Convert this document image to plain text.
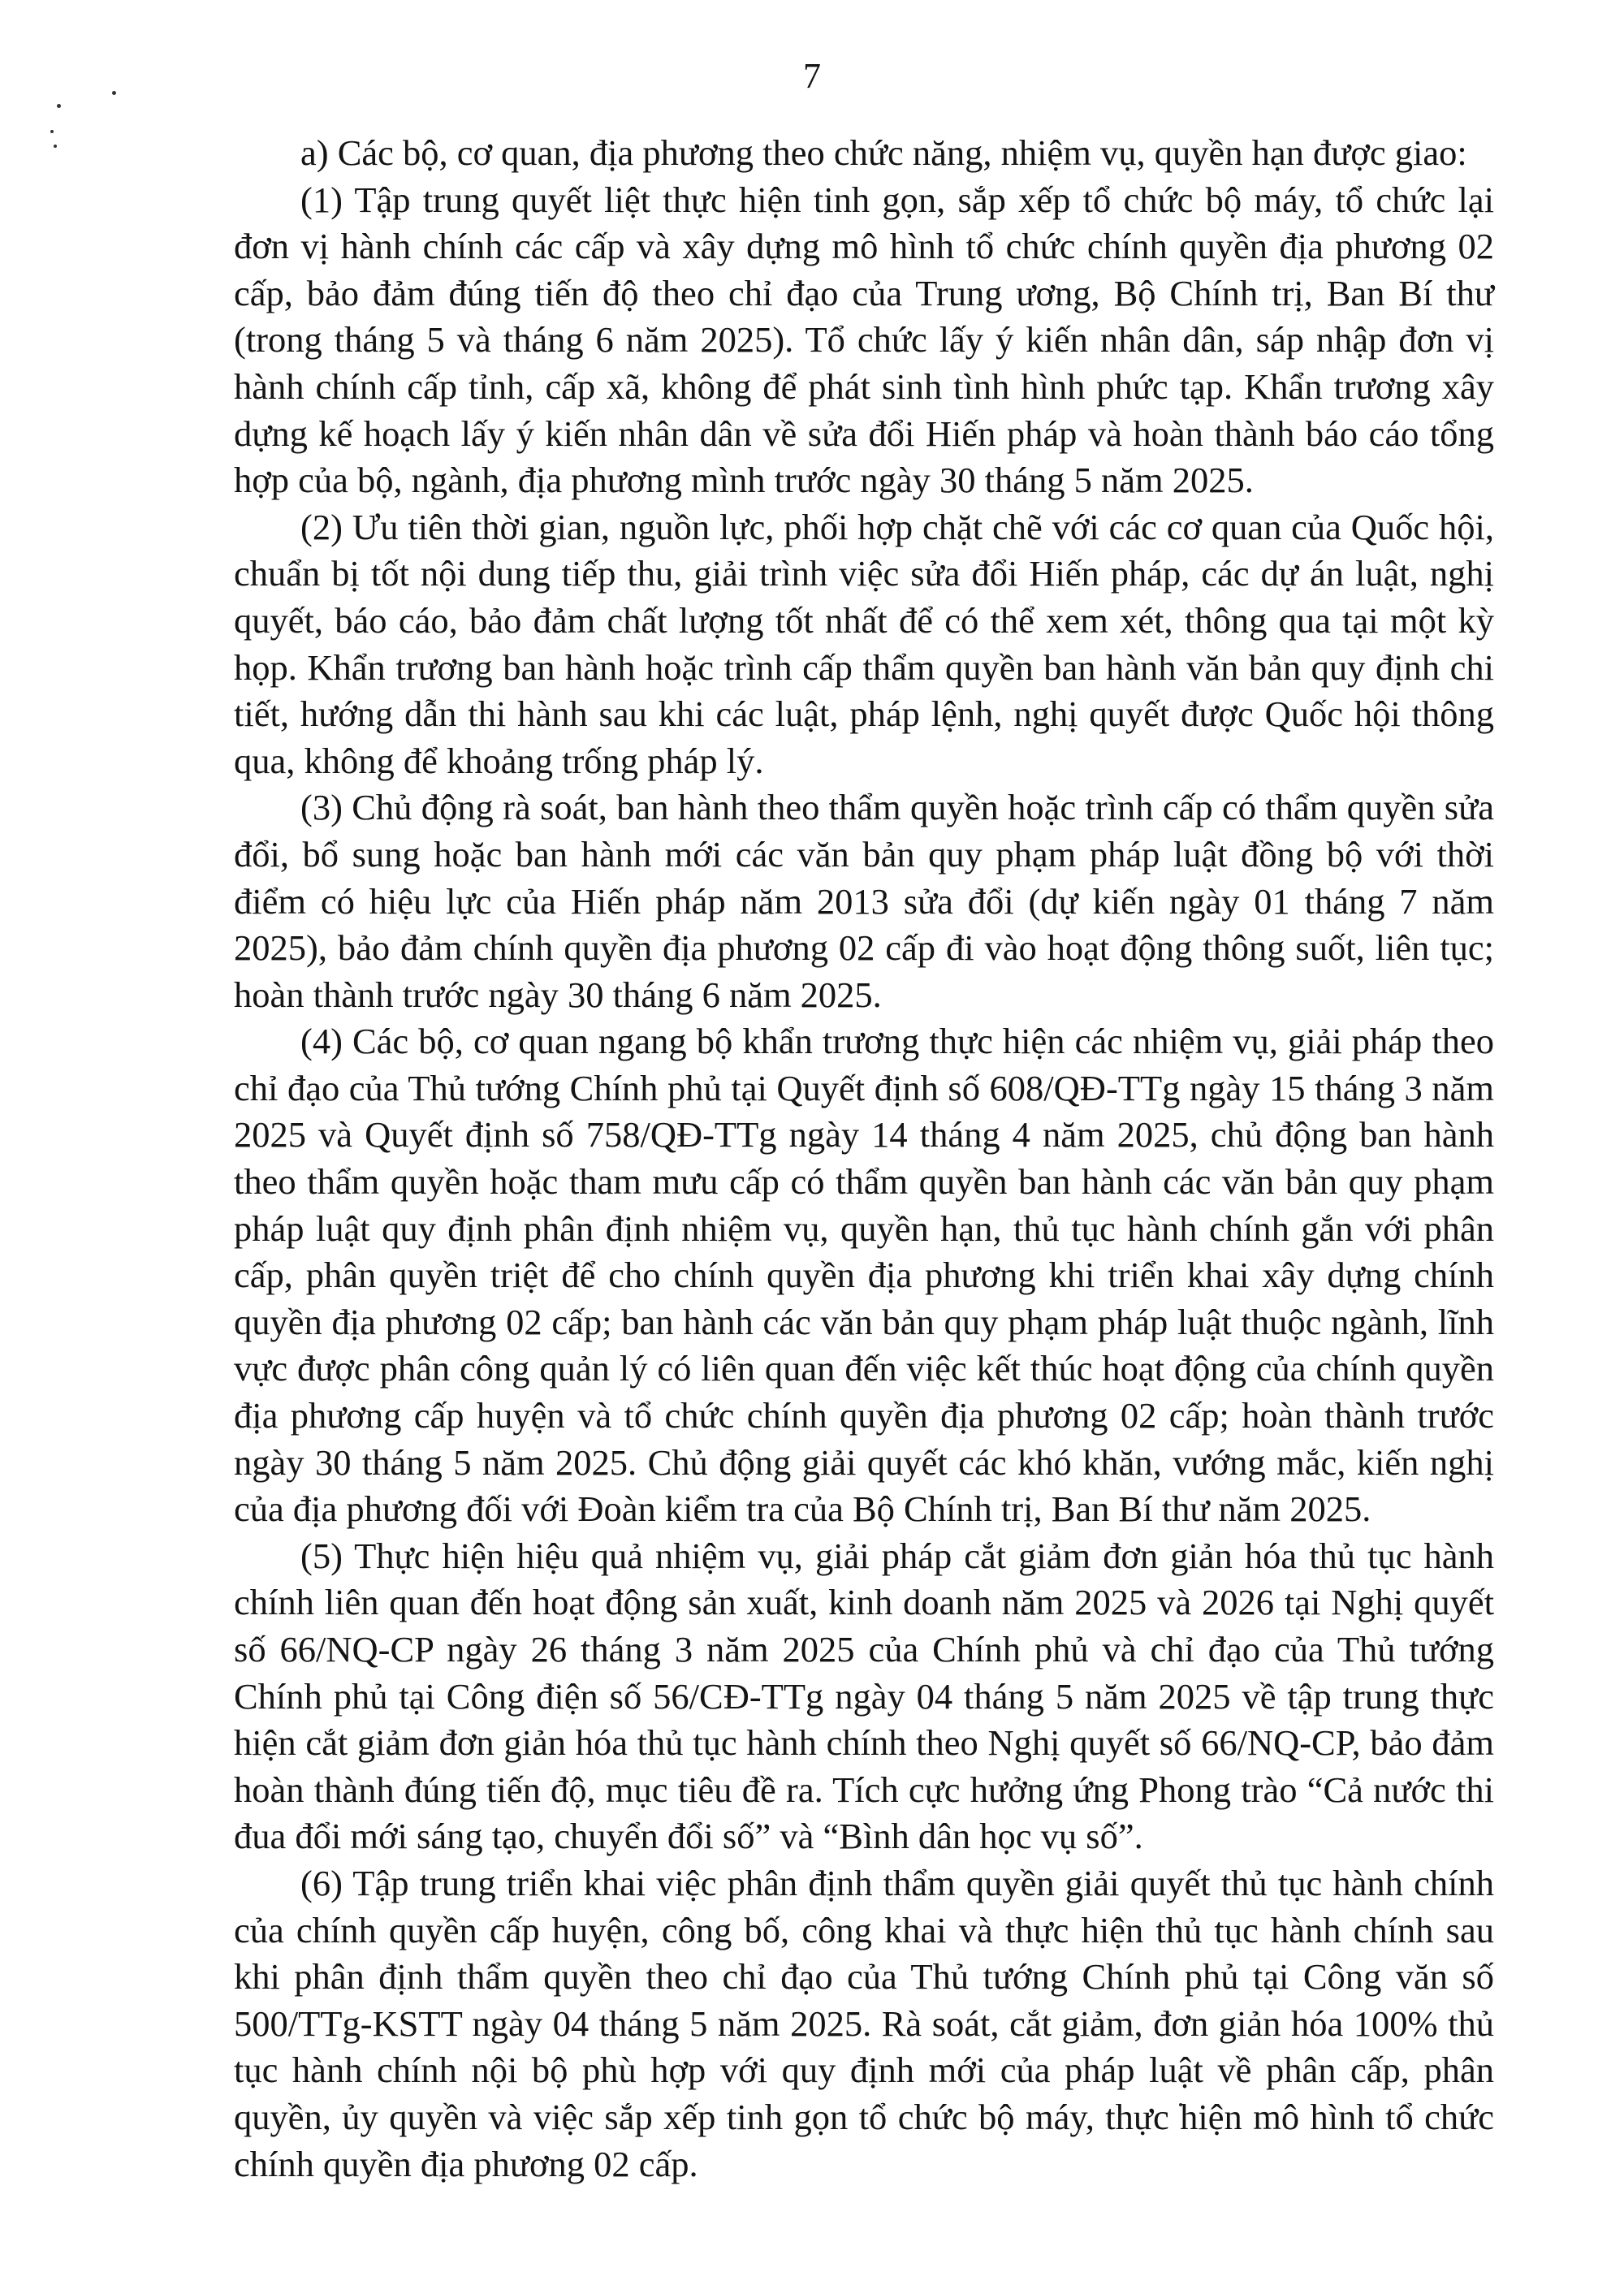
7

a) Các bộ, cơ quan, địa phương theo chức năng, nhiệm vụ, quyền hạn được giao:

(1) Tập trung quyết liệt thực hiện tinh gọn, sắp xếp tổ chức bộ máy, tổ chức lại đơn vị hành chính các cấp và xây dựng mô hình tổ chức chính quyền địa phương 02 cấp, bảo đảm đúng tiến độ theo chỉ đạo của Trung ương, Bộ Chính trị, Ban Bí thư (trong tháng 5 và tháng 6 năm 2025). Tổ chức lấy ý kiến nhân dân, sáp nhập đơn vị hành chính cấp tỉnh, cấp xã, không để phát sinh tình hình phức tạp. Khẩn trương xây dựng kế hoạch lấy ý kiến nhân dân về sửa đổi Hiến pháp và hoàn thành báo cáo tổng hợp của bộ, ngành, địa phương mình trước ngày 30 tháng 5 năm 2025.

(2) Ưu tiên thời gian, nguồn lực, phối hợp chặt chẽ với các cơ quan của Quốc hội, chuẩn bị tốt nội dung tiếp thu, giải trình việc sửa đổi Hiến pháp, các dự án luật, nghị quyết, báo cáo, bảo đảm chất lượng tốt nhất để có thể xem xét, thông qua tại một kỳ họp. Khẩn trương ban hành hoặc trình cấp thẩm quyền ban hành văn bản quy định chi tiết, hướng dẫn thi hành sau khi các luật, pháp lệnh, nghị quyết được Quốc hội thông qua, không để khoảng trống pháp lý.

(3) Chủ động rà soát, ban hành theo thẩm quyền hoặc trình cấp có thẩm quyền sửa đổi, bổ sung hoặc ban hành mới các văn bản quy phạm pháp luật đồng bộ với thời điểm có hiệu lực của Hiến pháp năm 2013 sửa đổi (dự kiến ngày 01 tháng 7 năm 2025), bảo đảm chính quyền địa phương 02 cấp đi vào hoạt động thông suốt, liên tục; hoàn thành trước ngày 30 tháng 6 năm 2025.

(4) Các bộ, cơ quan ngang bộ khẩn trương thực hiện các nhiệm vụ, giải pháp theo chỉ đạo của Thủ tướng Chính phủ tại Quyết định số 608/QĐ-TTg ngày 15 tháng 3 năm 2025 và Quyết định số 758/QĐ-TTg ngày 14 tháng 4 năm 2025, chủ động ban hành theo thẩm quyền hoặc tham mưu cấp có thẩm quyền ban hành các văn bản quy phạm pháp luật quy định phân định nhiệm vụ, quyền hạn, thủ tục hành chính gắn với phân cấp, phân quyền triệt để cho chính quyền địa phương khi triển khai xây dựng chính quyền địa phương 02 cấp; ban hành các văn bản quy phạm pháp luật thuộc ngành, lĩnh vực được phân công quản lý có liên quan đến việc kết thúc hoạt động của chính quyền địa phương cấp huyện và tổ chức chính quyền địa phương 02 cấp; hoàn thành trước ngày 30 tháng 5 năm 2025. Chủ động giải quyết các khó khăn, vướng mắc, kiến nghị của địa phương đối với Đoàn kiểm tra của Bộ Chính trị, Ban Bí thư năm 2025.

(5) Thực hiện hiệu quả nhiệm vụ, giải pháp cắt giảm đơn giản hóa thủ tục hành chính liên quan đến hoạt động sản xuất, kinh doanh năm 2025 và 2026 tại Nghị quyết số 66/NQ-CP ngày 26 tháng 3 năm 2025 của Chính phủ và chỉ đạo của Thủ tướng Chính phủ tại Công điện số 56/CĐ-TTg ngày 04 tháng 5 năm 2025 về tập trung thực hiện cắt giảm đơn giản hóa thủ tục hành chính theo Nghị quyết số 66/NQ-CP, bảo đảm hoàn thành đúng tiến độ, mục tiêu đề ra. Tích cực hưởng ứng Phong trào “Cả nước thi đua đổi mới sáng tạo, chuyển đổi số” và “Bình dân học vụ số”.

(6) Tập trung triển khai việc phân định thẩm quyền giải quyết thủ tục hành chính của chính quyền cấp huyện, công bố, công khai và thực hiện thủ tục hành chính sau khi phân định thẩm quyền theo chỉ đạo của Thủ tướng Chính phủ tại Công văn số 500/TTg-KSTT ngày 04 tháng 5 năm 2025. Rà soát, cắt giảm, đơn giản hóa 100% thủ tục hành chính nội bộ phù hợp với quy định mới của pháp luật về phân cấp, phân quyền, ủy quyền và việc sắp xếp tinh gọn tổ chức bộ máy, thực hiện mô hình tổ chức chính quyền địa phương 02 cấp.
